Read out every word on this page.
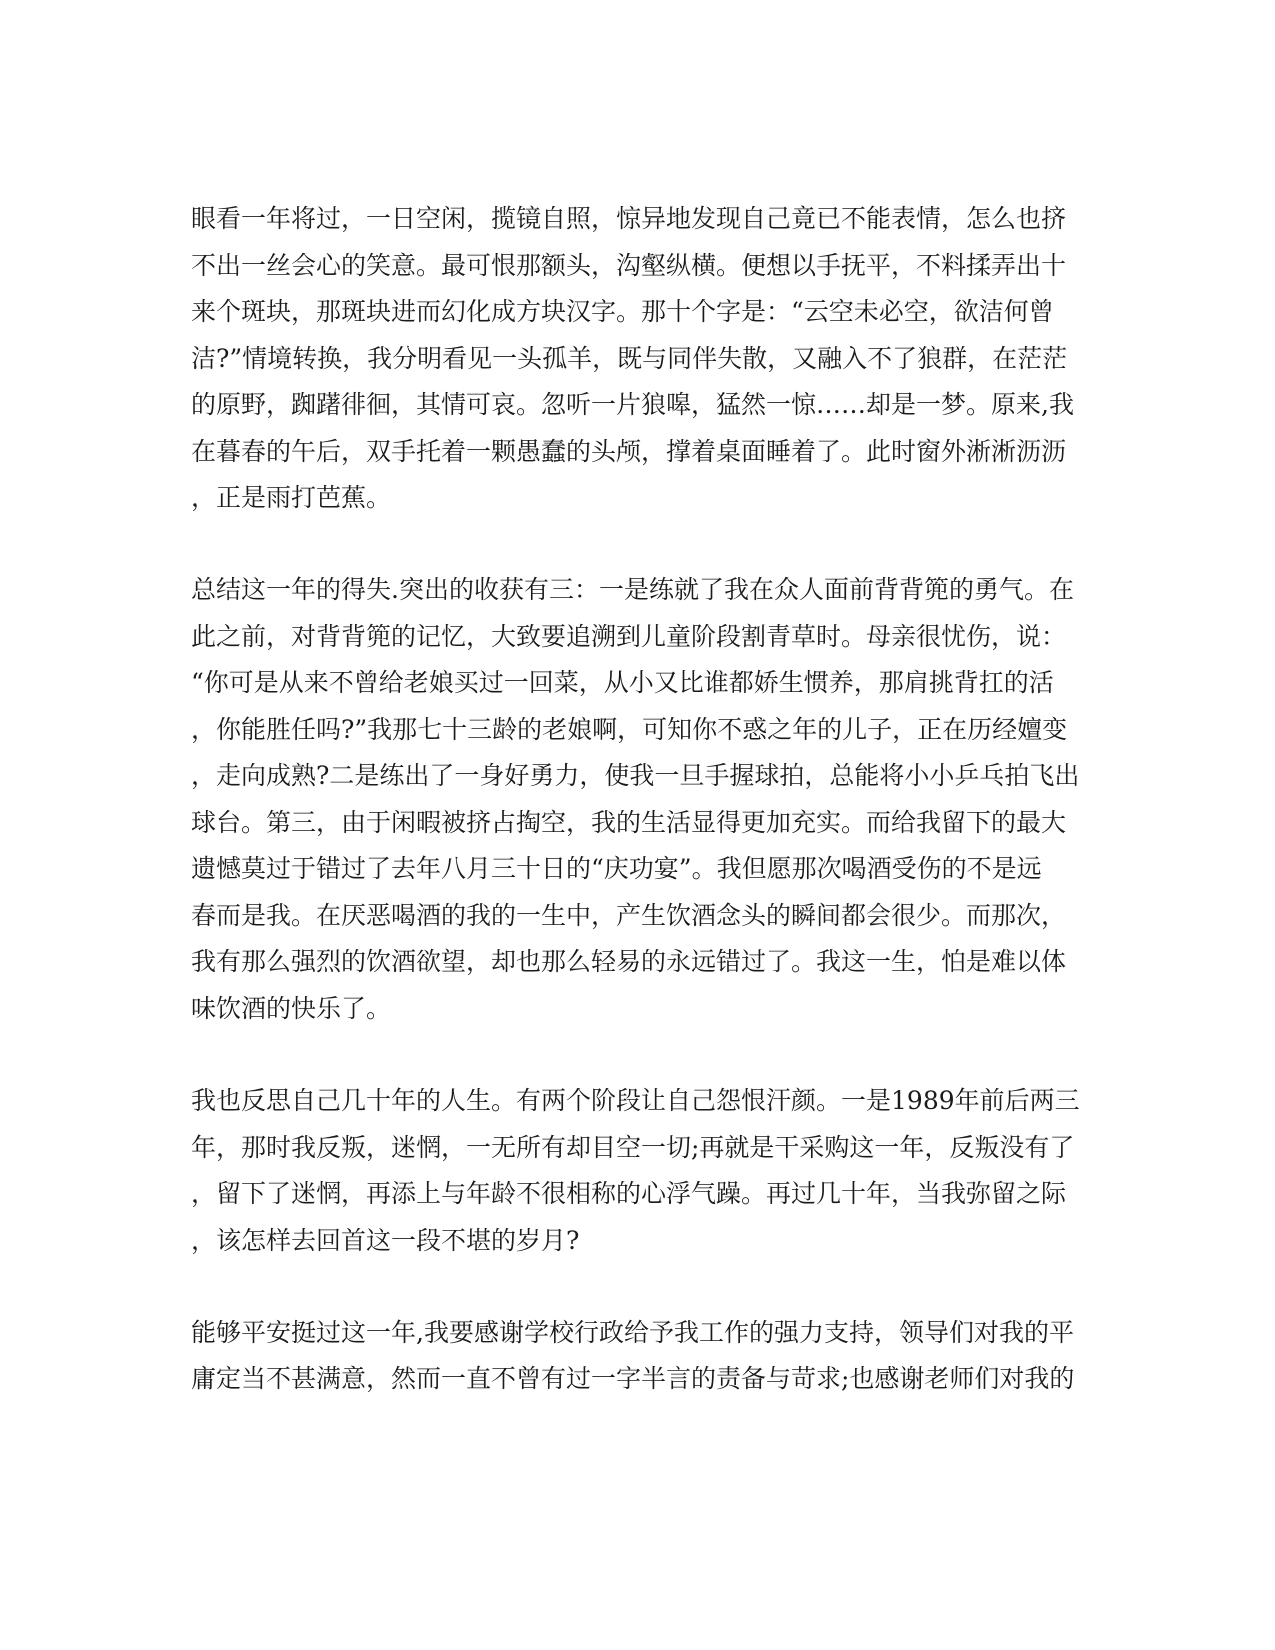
眼看一年将过，一日空闲，揽镜自照，惊异地发现自己竟已不能表情，怎么也挤
不出一丝会心的笑意。最可恨那额头，沟壑纵横。便想以手抚平，不料揉弄出十
来个斑块，那斑块进而幻化成方块汉字。那十个字是：“云空未必空，欲洁何曾
洁?”情境转换，我分明看见一头孤羊，既与同伴失散，又融入不了狼群，在茫茫
的原野，踟躇徘徊，其情可哀。忽听一片狼嗥，猛然一惊……却是一梦。原来,我
在暮春的午后，双手托着一颗愚蠢的头颅，撑着桌面睡着了。此时窗外淅淅沥沥
，正是雨打芭蕉。
总结这一年的得失.突出的收获有三：一是练就了我在众人面前背背篼的勇气。在
此之前，对背背篼的记忆，大致要追溯到儿童阶段割青草时。母亲很忧伤，说：
“你可是从来不曾给老娘买过一回菜，从小又比谁都娇生惯养，那肩挑背扛的活
，你能胜任吗?”我那七十三龄的老娘啊，可知你不惑之年的儿子，正在历经嬗变
，走向成熟?二是练出了一身好勇力，使我一旦手握球拍，总能将小小乒乓拍飞出
球台。第三，由于闲暇被挤占掏空，我的生活显得更加充实。而给我留下的最大
遗憾莫过于错过了去年八月三十日的“庆功宴”。我但愿那次喝酒受伤的不是远
春而是我。在厌恶喝酒的我的一生中，产生饮酒念头的瞬间都会很少。而那次，
我有那么强烈的饮酒欲望，却也那么轻易的永远错过了。我这一生，怕是难以体
味饮酒的快乐了。
我也反思自己几十年的人生。有两个阶段让自己怨恨汗颜。一是1989年前后两三
年，那时我反叛，迷惘，一无所有却目空一切;再就是干采购这一年，反叛没有了
，留下了迷惘，再添上与年龄不很相称的心浮气躁。再过几十年，当我弥留之际
，该怎样去回首这一段不堪的岁月?
能够平安挺过这一年,我要感谢学校行政给予我工作的强力支持，领导们对我的平
庸定当不甚满意，然而一直不曾有过一字半言的责备与苛求;也感谢老师们对我的
